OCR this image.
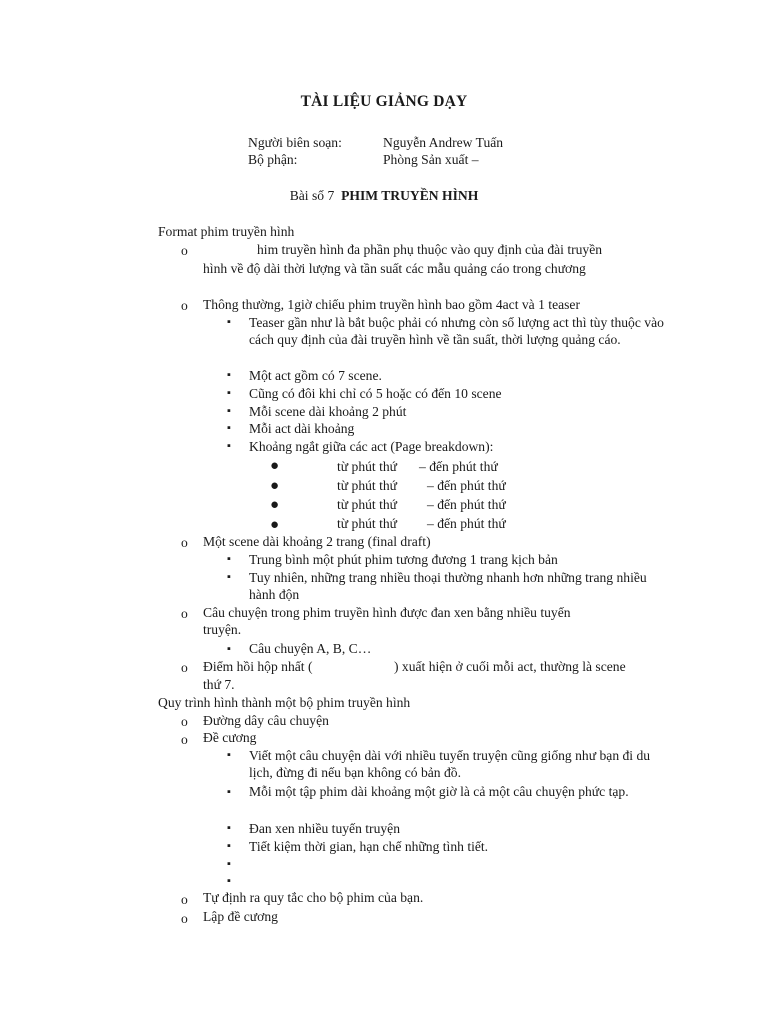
TÀI LIỆU GIẢNG DẠY
Người biên soạn:	Nguyễn Andrew Tuấn
Bộ phận:	Phòng Sản xuất –
Bài số 7 PHIM TRUYỀN HÌNH
Format phim truyền hình
o	him truyền hình đa phần phụ thuộc vào quy định của đài truyền
hình về độ dài thời lượng và tần suất các mẫu quảng cáo trong chương
o Thông thường, 1giờ chiếu phim truyền hình bao gồm 4act và 1 teaser
▪ Teaser gần như là bắt buộc phải có nhưng còn số lượng act thì tùy thuộc vào cách quy định của đài truyền hình về tần suất, thời lượng quảng cáo.
▪ Một act gồm có 7 scene.
▪ Cũng có đôi khi chỉ có 5 hoặc có đến 10 scene
▪ Mỗi scene dài khoảng 2 phút
▪ Mỗi act dài khoảng
▪ Khoảng ngắt giữa các act (Page breakdown):
●	từ phút thứ – đến phút thứ
●	từ phút thứ – đến phút thứ
●	từ phút thứ – đến phút thứ
●	từ phút thứ – đến phút thứ
o Một scene dài khoảng 2 trang (final draft)
▪ Trung bình một phút phim tương đương 1 trang kịch bản
▪ Tuy nhiên, những trang nhiều thoại thường nhanh hơn những trang nhiều hành độn
o Câu chuyện trong phim truyền hình được đan xen bằng nhiều tuyến truyện.
▪ Câu chuyện A, B, C…
o Điểm hồi hộp nhất (	) xuất hiện ở cuối mỗi act, thường là scene
thứ 7.
Quy trình hình thành một bộ phim truyền hình
o Đường dây câu chuyện
o Đề cương
▪ Viết một câu chuyện dài với nhiều tuyến truyện cũng giống như bạn đi du lịch, đừng đi nếu bạn không có bản đồ.
▪ Mỗi một tập phim dài khoảng một giờ là cả một câu chuyện phức tạp.
▪ Đan xen nhiều tuyến truyện
▪ Tiết kiệm thời gian, hạn chế những tình tiết.
▪
▪
o Tự định ra quy tắc cho bộ phim của bạn.
o Lập đề cương
